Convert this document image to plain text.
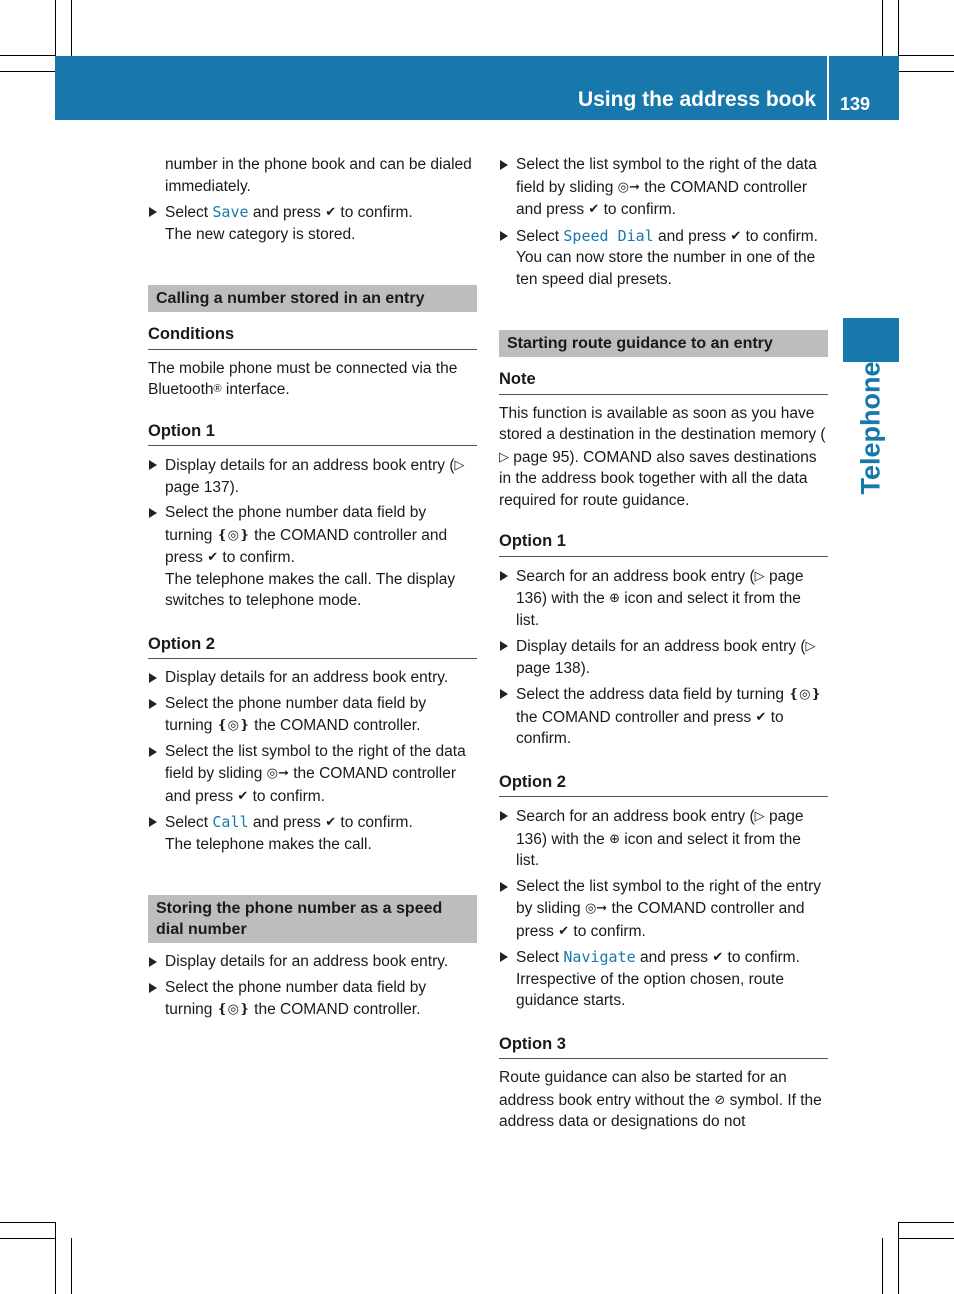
Using the address book 139
Telephone

number in the phone book and can be dialed immediately.

Select Save and press ✔ to confirm.
The new category is stored.
Calling a number stored in an entry
Conditions

The mobile phone must be connected via the Bluetooth® interface.

Option 1
Display details for an address book entry (▷ page 137).
Select the phone number data field by turning ❴◎❵ the COMAND controller and press ✔ to confirm.
The telephone makes the call. The display switches to telephone mode.
Option 2
Display details for an address book entry.
Select the phone number data field by turning ❴◎❵ the COMAND controller.
Select the list symbol to the right of the data field by sliding ◎➞ the COMAND controller and press ✔ to confirm.
Select Call and press ✔ to confirm.
The telephone makes the call.
Storing the phone number as a speed dial number
Display details for an address book entry.
Select the phone number data field by turning ❴◎❵ the COMAND controller.
Select the list symbol to the right of the data field by sliding ◎➞ the COMAND controller and press ✔ to confirm.
Select Speed Dial and press ✔ to confirm.
You can now store the number in one of the ten speed dial presets.
Starting route guidance to an entry
Note

This function is available as soon as you have stored a destination in the destination memory (▷ page 95). COMAND also saves destinations in the address book together with all the data required for route guidance.

Option 1
Search for an address book entry (▷ page 136) with the ⊕ icon and select it from the list.
Display details for an address book entry (▷ page 138).
Select the address data field by turning ❴◎❵ the COMAND controller and press ✔ to confirm.
Option 2
Search for an address book entry (▷ page 136) with the ⊕ icon and select it from the list.
Select the list symbol to the right of the entry by sliding ◎➞ the COMAND controller and press ✔ to confirm.
Select Navigate and press ✔ to confirm.
Irrespective of the option chosen, route guidance starts.
Option 3

Route guidance can also be started for an address book entry without the ⊘ symbol. If the address data or designations do not
